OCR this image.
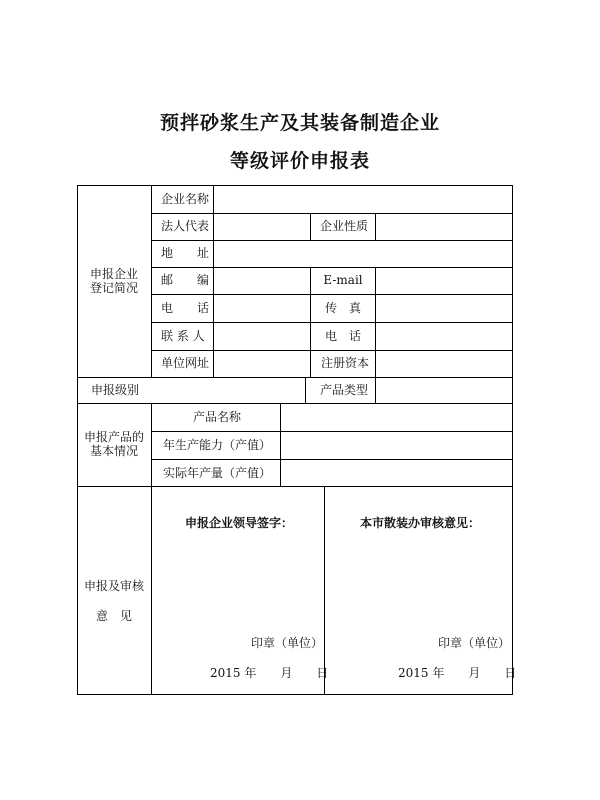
预拌砂浆生产及其装备制造企业
等级评价申报表
申报企业
登记简况
企业名称
法人代表	企业性质
地　　址
邮　　编	E-mail
电　　话	传　真
联 系 人	电　话
单位网址	注册资本
申报级别	产品类型
申报产品的
基本情况
产品名称
年生产能力（产值）
实际年产量（产值）
申报及审核
意　见
申报企业领导签字：
印章（单位）
2015 年　　月　　日
本市散装办审核意见：
印章（单位）
2015 年　　月　　日
